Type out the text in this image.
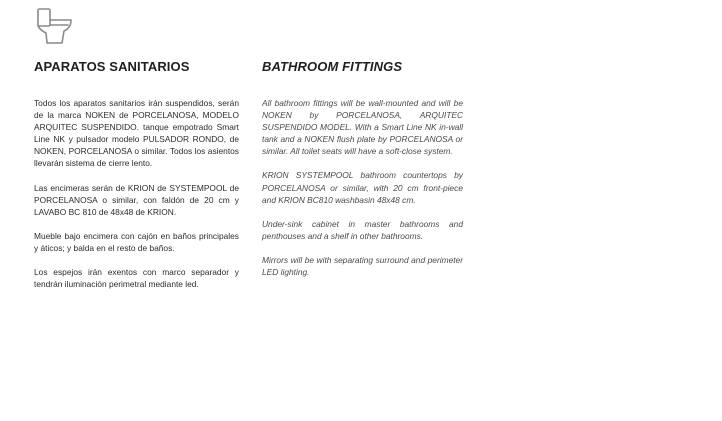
APARATOS SANITARIOS

Todos los aparatos sanitarios irán suspendidos, serán de la marca NOKEN de PORCELANOSA, MODELO ARQUITEC SUSPENDIDO. tanque empotrado Smart Line NK y pulsador modelo PULSADOR RONDO, de NOKEN, PORCELANOSA o similar. Todos los asientos llevarán sistema de cierre lento.

Las encimeras serán de KRION de SYSTEMPOOL de PORCELANOSA o similar, con faldón de 20 cm y LAVABO BC 810 de 48x48 de KRION.

Mueble bajo encimera con cajón en baños principales y áticos; y balda en el resto de baños.

Los espejos irán exentos con marco separador y tendrán iluminación perimetral mediante led.

BATHROOM FITTINGS

All bathroom fittings will be wall-mounted and will be NOKEN by PORCELANOSA, ARQUITEC SUSPENDIDO MODEL. With a Smart Line NK in-wall tank and a NOKEN flush plate by PORCELANOSA or similar. All toilet seats will have a soft-close system.

KRION SYSTEMPOOL bathroom countertops by PORCELANOSA or similar, with 20 cm front-piece and KRION BC810 washbasin 48x48 cm.

Under-sink cabinet in master bathrooms and penthouses and a shelf in other bathrooms.

Mirrors will be with separating surround and perimeter LED lighting.
